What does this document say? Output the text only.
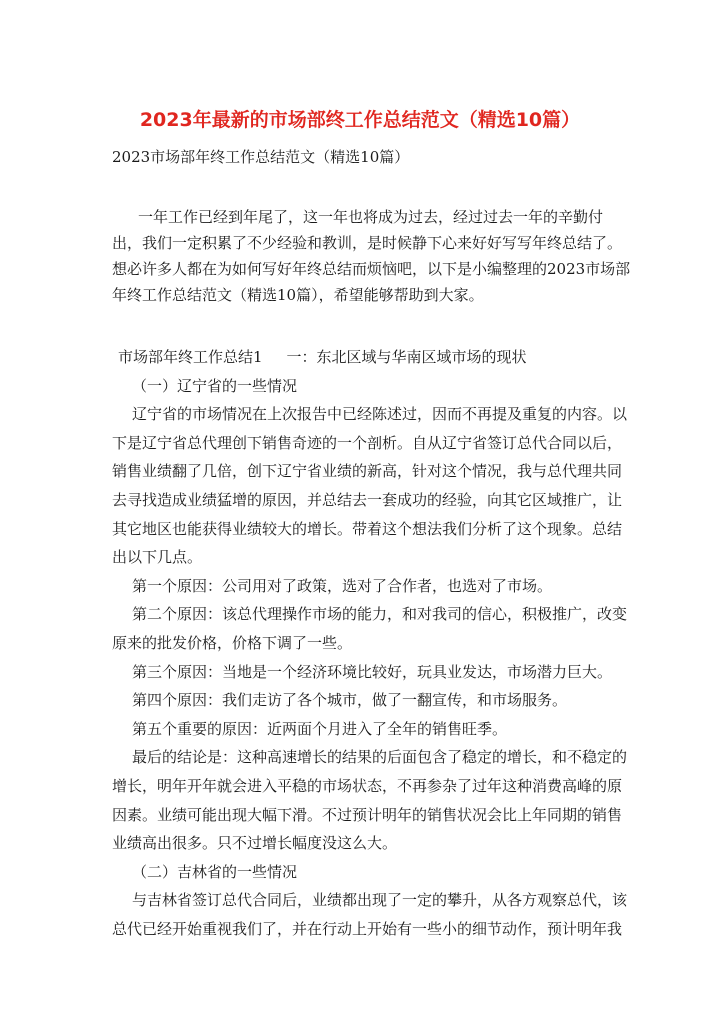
2023年最新的市场部终工作总结范文（精选10篇）
2023市场部年终工作总结范文（精选10篇）
一年工作已经到年尾了，这一年也将成为过去，经过过去一年的辛勤付
出，我们一定积累了不少经验和教训，是时候静下心来好好写写年终总结了。
想必许多人都在为如何写好年终总结而烦恼吧，以下是小编整理的2023市场部
年终工作总结范文（精选10篇），希望能够帮助到大家。
市场部年终工作总结1 一：东北区域与华南区域市场的现状
（一）辽宁省的一些情况
辽宁省的市场情况在上次报告中已经陈述过，因而不再提及重复的内容。以
下是辽宁省总代理创下销售奇迹的一个剖析。自从辽宁省签订总代合同以后，
销售业绩翻了几倍，创下辽宁省业绩的新高，针对这个情况，我与总代理共同
去寻找造成业绩猛增的原因，并总结去一套成功的经验，向其它区域推广，让
其它地区也能获得业绩较大的增长。带着这个想法我们分析了这个现象。总结
出以下几点。
第一个原因：公司用对了政策，选对了合作者，也选对了市场。
第二个原因：该总代理操作市场的能力，和对我司的信心，积极推广，改变
原来的批发价格，价格下调了一些。
第三个原因：当地是一个经济环境比较好，玩具业发达，市场潜力巨大。
第四个原因：我们走访了各个城市，做了一翻宣传，和市场服务。
第五个重要的原因：近两面个月进入了全年的销售旺季。
最后的结论是：这种高速增长的结果的后面包含了稳定的增长，和不稳定的
增长，明年开年就会进入平稳的市场状态，不再参杂了过年这种消费高峰的原
因素。业绩可能出现大幅下滑。不过预计明年的销售状况会比上年同期的销售
业绩高出很多。只不过增长幅度没这么大。
（二）吉林省的一些情况
与吉林省签订总代合同后，业绩都出现了一定的攀升，从各方观察总代，该
总代已经开始重视我们了，并在行动上开始有一些小的细节动作，预计明年我
